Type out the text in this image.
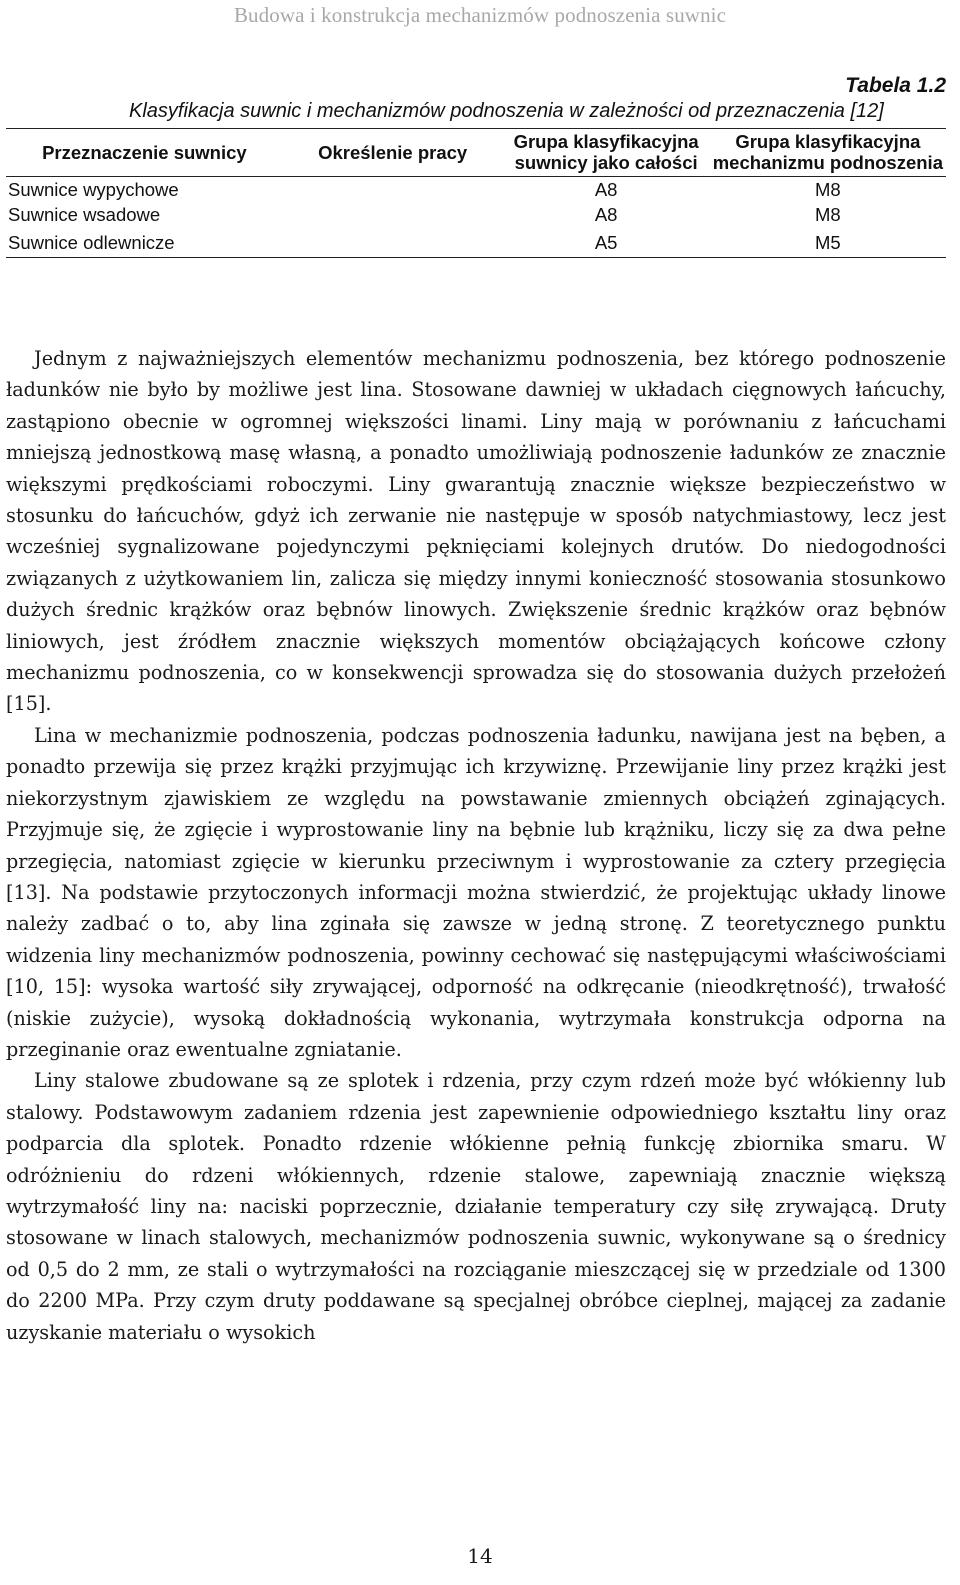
Budowa i konstrukcja mechanizmów podnoszenia suwnic
Tabela 1.2
Klasyfikacja suwnic i mechanizmów podnoszenia w zależności od przeznaczenia [12]
Przeznaczenie suwnicy	Określenie pracy	Grupa klasyfikacyjna suwnicy jako całości	Grupa klasyfikacyjna mechanizmu podnoszenia
Suwnice wypychowe		A8	M8
Suwnice wsadowe		A8	M8
Suwnice odlewnicze		A5	M5

Jednym z najważniejszych elementów mechanizmu podnoszenia, bez którego podnoszenie ładunków nie było by możliwe jest lina. Stosowane dawniej w układach cięgnowych łańcuchy, zastąpiono obecnie w ogromnej większości linami. Liny mają w porównaniu z łańcuchami mniejszą jednostkową masę własną, a ponadto umożliwiają podnoszenie ładunków ze znacznie większymi prędkościami roboczymi. Liny gwarantują znacznie większe bezpieczeństwo w stosunku do łańcuchów, gdyż ich zerwanie nie następuje w sposób natychmiastowy, lecz jest wcześniej sygnalizowane pojedynczymi pęknięciami kolejnych drutów. Do niedogodności związanych z użytkowaniem lin, zalicza się między innymi konieczność stosowania stosunkowo dużych średnic krążków oraz bębnów linowych. Zwiększenie średnic krążków oraz bębnów liniowych, jest źródłem znacznie większych momentów obciążających końcowe człony mechanizmu podnoszenia, co w konsekwencji sprowadza się do stosowania dużych przełożeń [15].

Lina w mechanizmie podnoszenia, podczas podnoszenia ładunku, nawijana jest na bęben, a ponadto przewija się przez krążki przyjmując ich krzywiznę. Przewijanie liny przez krążki jest niekorzystnym zjawiskiem ze względu na powstawanie zmiennych obciążeń zginających. Przyjmuje się, że zgięcie i wyprostowanie liny na bębnie lub krążniku, liczy się za dwa pełne przegięcia, natomiast zgięcie w kierunku przeciwnym i wyprostowanie za cztery przegięcia [13]. Na podstawie przytoczonych informacji można stwierdzić, że projektując układy linowe należy zadbać o to, aby lina zginała się zawsze w jedną stronę. Z teoretycznego punktu widzenia liny mechanizmów podnoszenia, powinny cechować się następującymi właściwościami [10, 15]: wysoka wartość siły zrywającej, odporność na odkręcanie (nieodkrętność), trwałość (niskie zużycie), wysoką dokładnością wykonania, wytrzymała konstrukcja odporna na przeginanie oraz ewentualne zgniatanie.

Liny stalowe zbudowane są ze splotek i rdzenia, przy czym rdzeń może być włókienny lub stalowy. Podstawowym zadaniem rdzenia jest zapewnienie odpowiedniego kształtu liny oraz podparcia dla splotek. Ponadto rdzenie włókienne pełnią funkcję zbiornika smaru. W odróżnieniu do rdzeni włókiennych, rdzenie stalowe, zapewniają znacznie większą wytrzymałość liny na: naciski poprzecznie, działanie temperatury czy siłę zrywającą. Druty stosowane w linach stalowych, mechanizmów podnoszenia suwnic, wykonywane są o średnicy od 0,5 do 2 mm, ze stali o wytrzymałości na rozciąganie mieszczącej się w przedziale od 1300 do 2200 MPa. Przy czym druty poddawane są specjalnej obróbce cieplnej, mającej za zadanie uzyskanie materiału o wysokich

14
